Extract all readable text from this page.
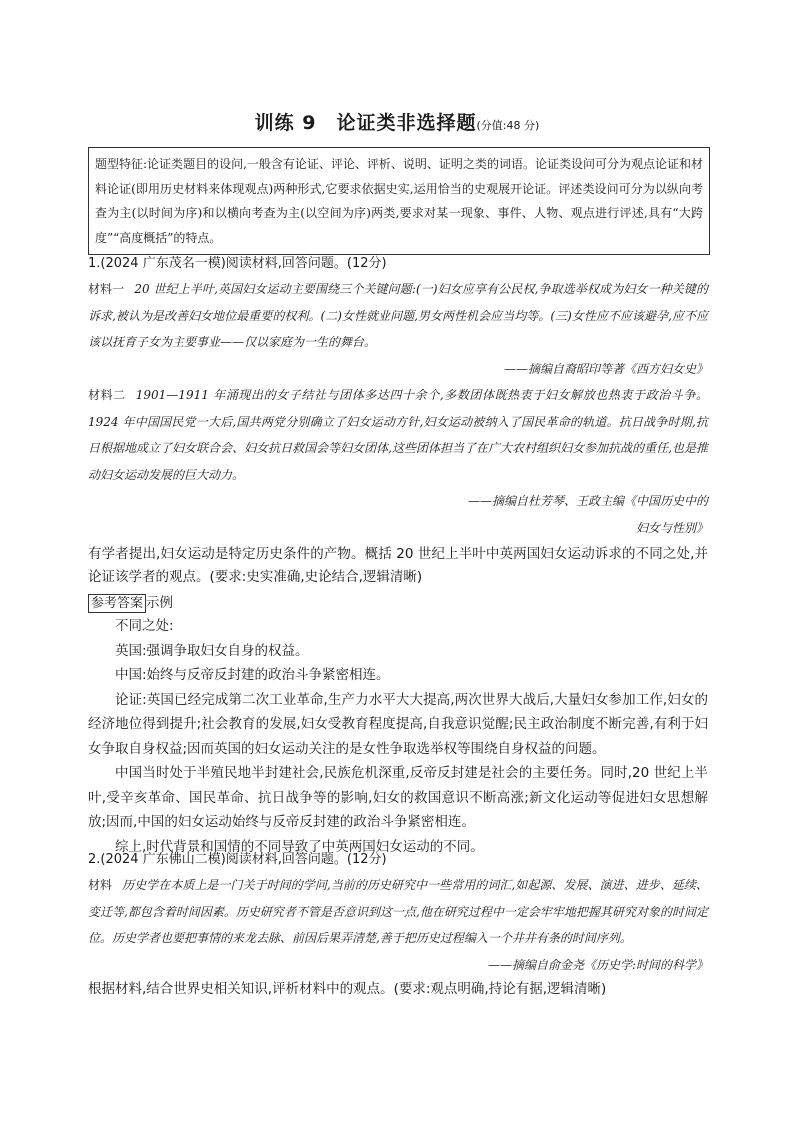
训练 9　论证类非选择题(分值:48 分)

题型特征:论证类题目的设问,一般含有论证、评论、评析、说明、证明之类的词语。论证类设问可分为观点论证和材料论证(即用历史材料来体现观点)两种形式,它要求依据史实,运用恰当的史观展开论证。评述类设问可分为以纵向考查为主(以时间为序)和以横向考查为主(以空间为序)两类,要求对某一现象、事件、人物、观点进行评述,具有“大跨度”“高度概括”的特点。

1.(2024 广东茂名一模)阅读材料,回答问题。(12分)

材料一 20 世纪上半叶,英国妇女运动主要围绕三个关键问题:(一)妇女应享有公民权,争取选举权成为妇女一种关键的诉求,被认为是改善妇女地位最重要的权利。(二)女性就业问题,男女两性机会应当均等。(三)女性应不应该避孕,应不应该以抚育子女为主要事业——仅以家庭为一生的舞台。

——摘编自裔昭印等著《西方妇女史》

材料二 1901—1911 年涌现出的女子结社与团体多达四十余个,多数团体既热衷于妇女解放也热衷于政治斗争。1924 年中国国民党一大后,国共两党分别确立了妇女运动方针,妇女运动被纳入了国民革命的轨道。抗日战争时期,抗日根据地成立了妇女联合会、妇女抗日救国会等妇女团体,这些团体担当了在广大农村组织妇女参加抗战的重任,也是推动妇女运动发展的巨大动力。

——摘编自杜芳琴、王政主编《中国历史中的

妇女与性别》

有学者提出,妇女运动是特定历史条件的产物。概括 20 世纪上半叶中英两国妇女运动诉求的不同之处,并论证该学者的观点。(要求:史实准确,史论结合,逻辑清晰)

参考答案 示例

不同之处:

英国:强调争取妇女自身的权益。

中国:始终与反帝反封建的政治斗争紧密相连。

论证:英国已经完成第二次工业革命,生产力水平大大提高,两次世界大战后,大量妇女参加工作,妇女的经济地位得到提升;社会教育的发展,妇女受教育程度提高,自我意识觉醒;民主政治制度不断完善,有利于妇女争取自身权益;因而英国的妇女运动关注的是女性争取选举权等围绕自身权益的问题。

中国当时处于半殖民地半封建社会,民族危机深重,反帝反封建是社会的主要任务。同时,20 世纪上半叶,受辛亥革命、国民革命、抗日战争等的影响,妇女的救国意识不断高涨;新文化运动等促进妇女思想解放;因而,中国的妇女运动始终与反帝反封建的政治斗争紧密相连。

综上,时代背景和国情的不同导致了中英两国妇女运动的不同。

2.(2024 广东佛山二模)阅读材料,回答问题。(12分)

材料 历史学在本质上是一门关于时间的学问,当前的历史研究中一些常用的词汇,如起源、发展、演进、进步、延续、变迁等,都包含着时间因素。历史研究者不管是否意识到这一点,他在研究过程中一定会牢牢地把握其研究对象的时间定位。历史学者也要把事情的来龙去脉、前因后果弄清楚,善于把历史过程编入一个井井有条的时间序列。

——摘编自俞金尧《历史学:时间的科学》

根据材料,结合世界史相关知识,评析材料中的观点。(要求:观点明确,持论有据,逻辑清晰)
